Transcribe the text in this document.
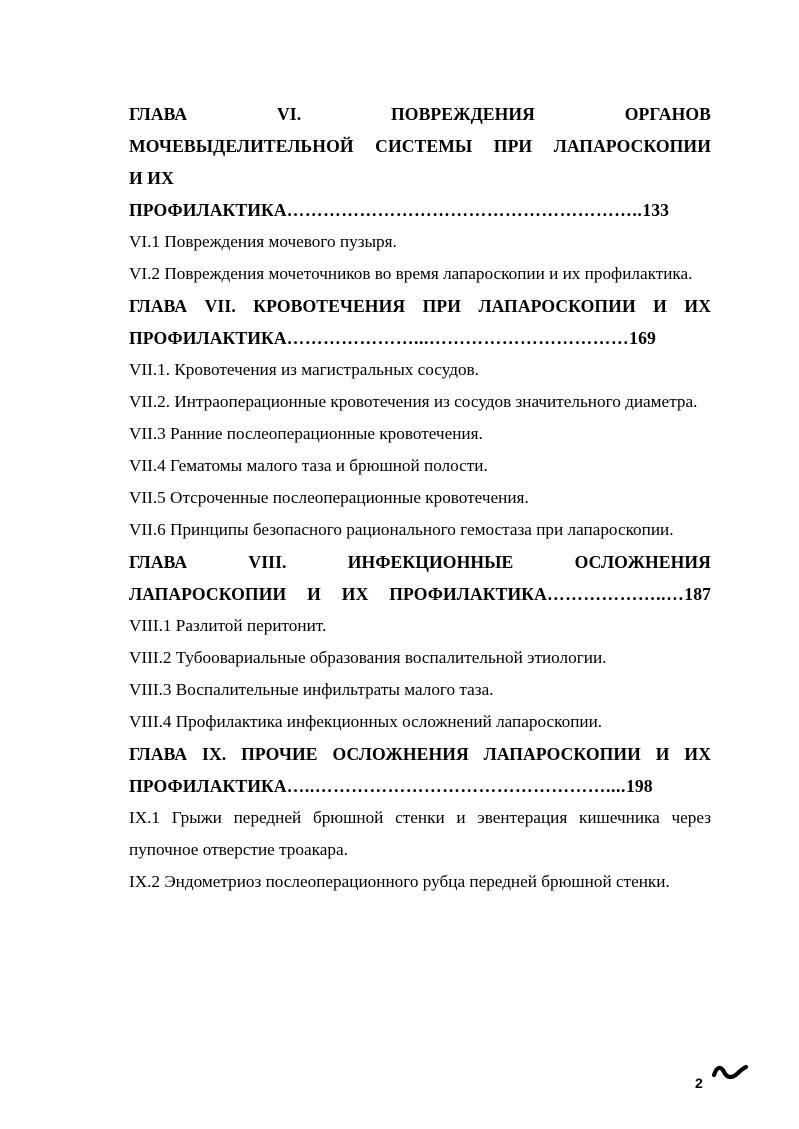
ГЛАВА VI. ПОВРЕЖДЕНИЯ ОРГАНОВ
МОЧЕВЫДЕЛИТЕЛЬНОЙ СИСТЕМЫ ПРИ ЛАПАРОСКОПИИ
И ИХ ПРОФИЛАКТИКА…………………………………………………..133
VI.1 Повреждения мочевого пузыря.
VI.2 Повреждения мочеточников во время лапароскопии и их профилактика.
ГЛАВА VII. КРОВОТЕЧЕНИЯ ПРИ ЛАПАРОСКОПИИ И ИХ
ПРОФИЛАКТИКА…………………...……………………………169
VII.1. Кровотечения из магистральных сосудов.
VII.2. Интраоперационные кровотечения из сосудов значительного диаметра.
VII.3 Ранние послеоперационные кровотечения.
VII.4 Гематомы малого таза и брюшной полости.
VII.5 Отсроченные послеоперационные кровотечения.
VII.6 Принципы безопасного рационального гемостаза при лапароскопии.
ГЛАВА VIII. ИНФЕКЦИОННЫЕ ОСЛОЖНЕНИЯ
ЛАПАРОСКОПИИ И ИХ ПРОФИЛАКТИКА………………..…187
VIII.1 Разлитой перитонит.
VIII.2 Тубоовариальные образования воспалительной этиологии.
VIII.3 Воспалительные инфильтраты малого таза.
VIII.4 Профилактика инфекционных осложнений лапароскопии.
ГЛАВА IX. ПРОЧИЕ ОСЛОЖНЕНИЯ ЛАПАРОСКОПИИ И ИХ
ПРОФИЛАКТИКА…..…………………………………………....198
IX.1 Грыжи передней брюшной стенки и эвентерация кишечника через пупочное отверстие троакара.
IX.2 Эндометриоз послеоперационного рубца передней брюшной стенки.
2
